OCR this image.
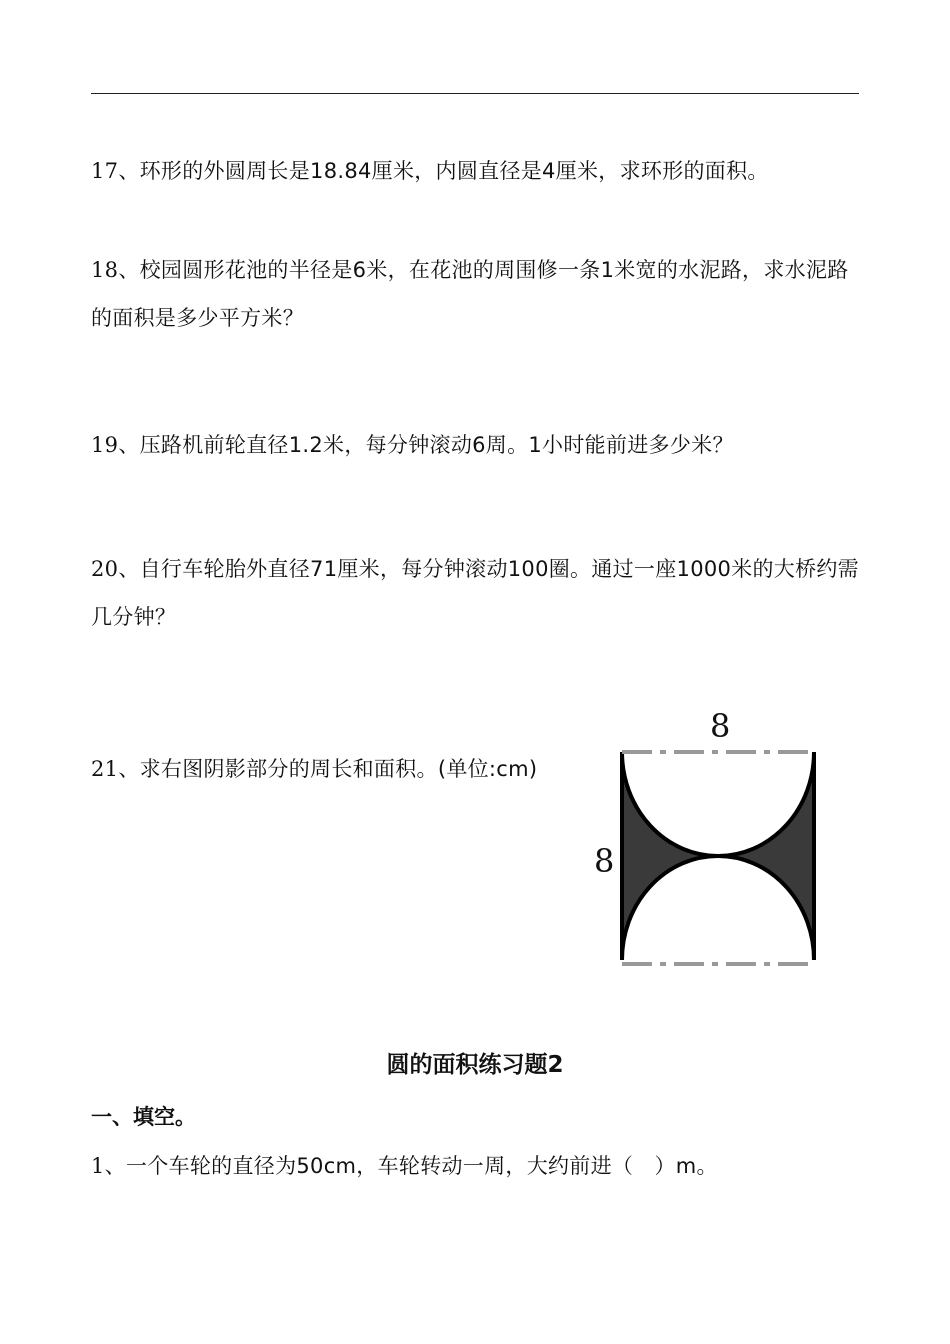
17、环形的外圆周长是18.84厘米，内圆直径是4厘米，求环形的面积。
18、校园圆形花池的半径是6米，在花池的周围修一条1米宽的水泥路，求水泥路的面积是多少平方米？
19、压路机前轮直径1.2米，每分钟滚动6周。1小时能前进多少米？
20、自行车轮胎外直径71厘米，每分钟滚动100圈。通过一座1000米的大桥约需几分钟？
21、求右图阴影部分的周长和面积。(单位:cm)
8
8
圆的面积练习题2
一、填空。
1、一个车轮的直径为50cm，车轮转动一周，大约前进（　）m。
